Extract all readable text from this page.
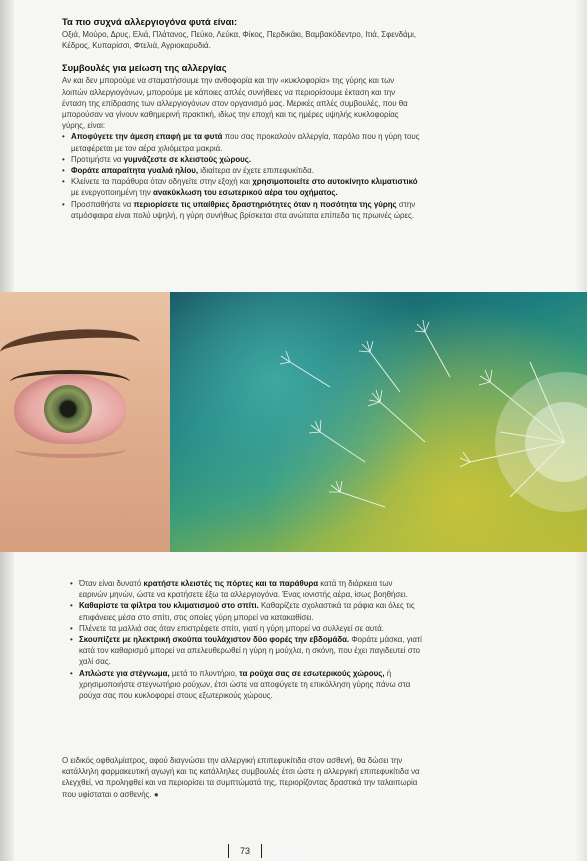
Τα πιο συχνά αλλεργιογόνα φυτά είναι:

Οξιά, Μούρο, Δρυς, Ελιά, Πλάτανος, Πεύκο, Λεύκα, Φίκος, Περδικάκι, Βαμβακόδεντρο, Ιτιά, Σφενδάμι, Κέδρος, Κυπαρίσσι, Φτελιά, Αγριοκαρυδιά.

Συμβουλές για μείωση της αλλεργίας

Αν και δεν μπορούμε να σταματήσουμε την ανθοφορία και την «κυκλοφορία» της γύρης και των λοιπών αλλεργιογόνων, μπορούμε με κάποιες απλές συνήθειες να περιορίσουμε έκταση και την ένταση της επίδρασης των αλλεργιογόνων στον οργανισμό μας. Μερικές απλές συμβουλές, που θα μπορούσαν να γίνουν καθημερινή πρακτική, ιδίως την εποχή και τις ημέρες υψηλής κυκλοφορίας γύρης, είναι:

• Αποφύγετε την άμεση επαφή με τα φυτά που σας προκαλούν αλλεργία, παρόλο που η γύρη τους μεταφέρεται με τον αέρα χιλιόμετρα μακριά.
• Προτιμήστε να γυμνάζεστε σε κλειστούς χώρους.
• Φοράτε απαραίτητα γυαλιά ηλίου, ιδιαίτερα αν έχετε επιπεφυκίτιδα.
• Κλείνετε τα παράθυρα όταν οδηγείτε στην εξοχή και χρησιμοποιείτε στο αυτοκίνητο κλιματιστικό με ενεργοποιημένη την ανακύκλωση του εσωτερικού αέρα του οχήματος.
• Προσπαθήστε να περιορίσετε τις υπαίθριες δραστηριότητες όταν η ποσότητα της γύρης στην ατμόσφαιρα είναι πολύ υψηλή, η γύρη συνήθως βρίσκεται στα ανώτατα επίπεδα τις πρωινές ώρες.
• Όταν είναι δυνατό κρατήστε κλειστές τις πόρτες και τα παράθυρα κατά τη διάρκεια των εαρινών μηνών, ώστε να κρατήσετε έξω τα αλλεργιογόνα. Ένας ιονιστής αέρα, ίσως βοηθήσει.
• Καθαρίστε τα φίλτρα του κλιματισμού στο σπίτι. Καθαρίζετε σχολαστικά τα ράφια και όλες τις επιφάνειες μέσα στο σπίτι, στις οποίες γύρη μπορεί να κατακαθίσει.
• Πλένετε τα μαλλιά σας όταν επιστρέφετε σπίτι, γιατί η γύρη μπορεί να συλλεγεί σε αυτά.
• Σκουπίζετε με ηλεκτρική σκούπα τουλάχιστον δύο φορές την εβδομάδα. Φοράτε μάσκα, γιατί κατά τον καθαρισμό μπορεί να απελευθερωθεί η γύρη η μούχλα, η σκόνη, που έχει παγιδευτεί στο χαλί σας.
• Απλώστε για στέγνωμα, μετά το πλυντήριο, τα ρούχα σας σε εσωτερικούς χώρους, ή χρησιμοποιήστε στεγνωτήριο ρούχων, έτσι ώστε να αποφύγετε τη επικόλληση γύρης πάνω στα ρούχα σας που κυκλοφορεί στους εξωτερικούς χώρους.

Ο ειδικός οφθαλμίατρος, αφού διαγνώσει την αλλεργική επιπεφυκίτιδα στον ασθενή, θα δώσει την κατάλληλη φαρμακευτική αγωγή και τις κατάλληλες συμβουλές έτσι ώστε η αλλεργική επιπεφυκίτιδα να ελεγχθεί, να προληφθεί και να περιορίσει τα συμπτώματά της, περιορίζοντας δραστικά την ταλαιπωρία που υφίσταται ο ασθενής. ●

73
